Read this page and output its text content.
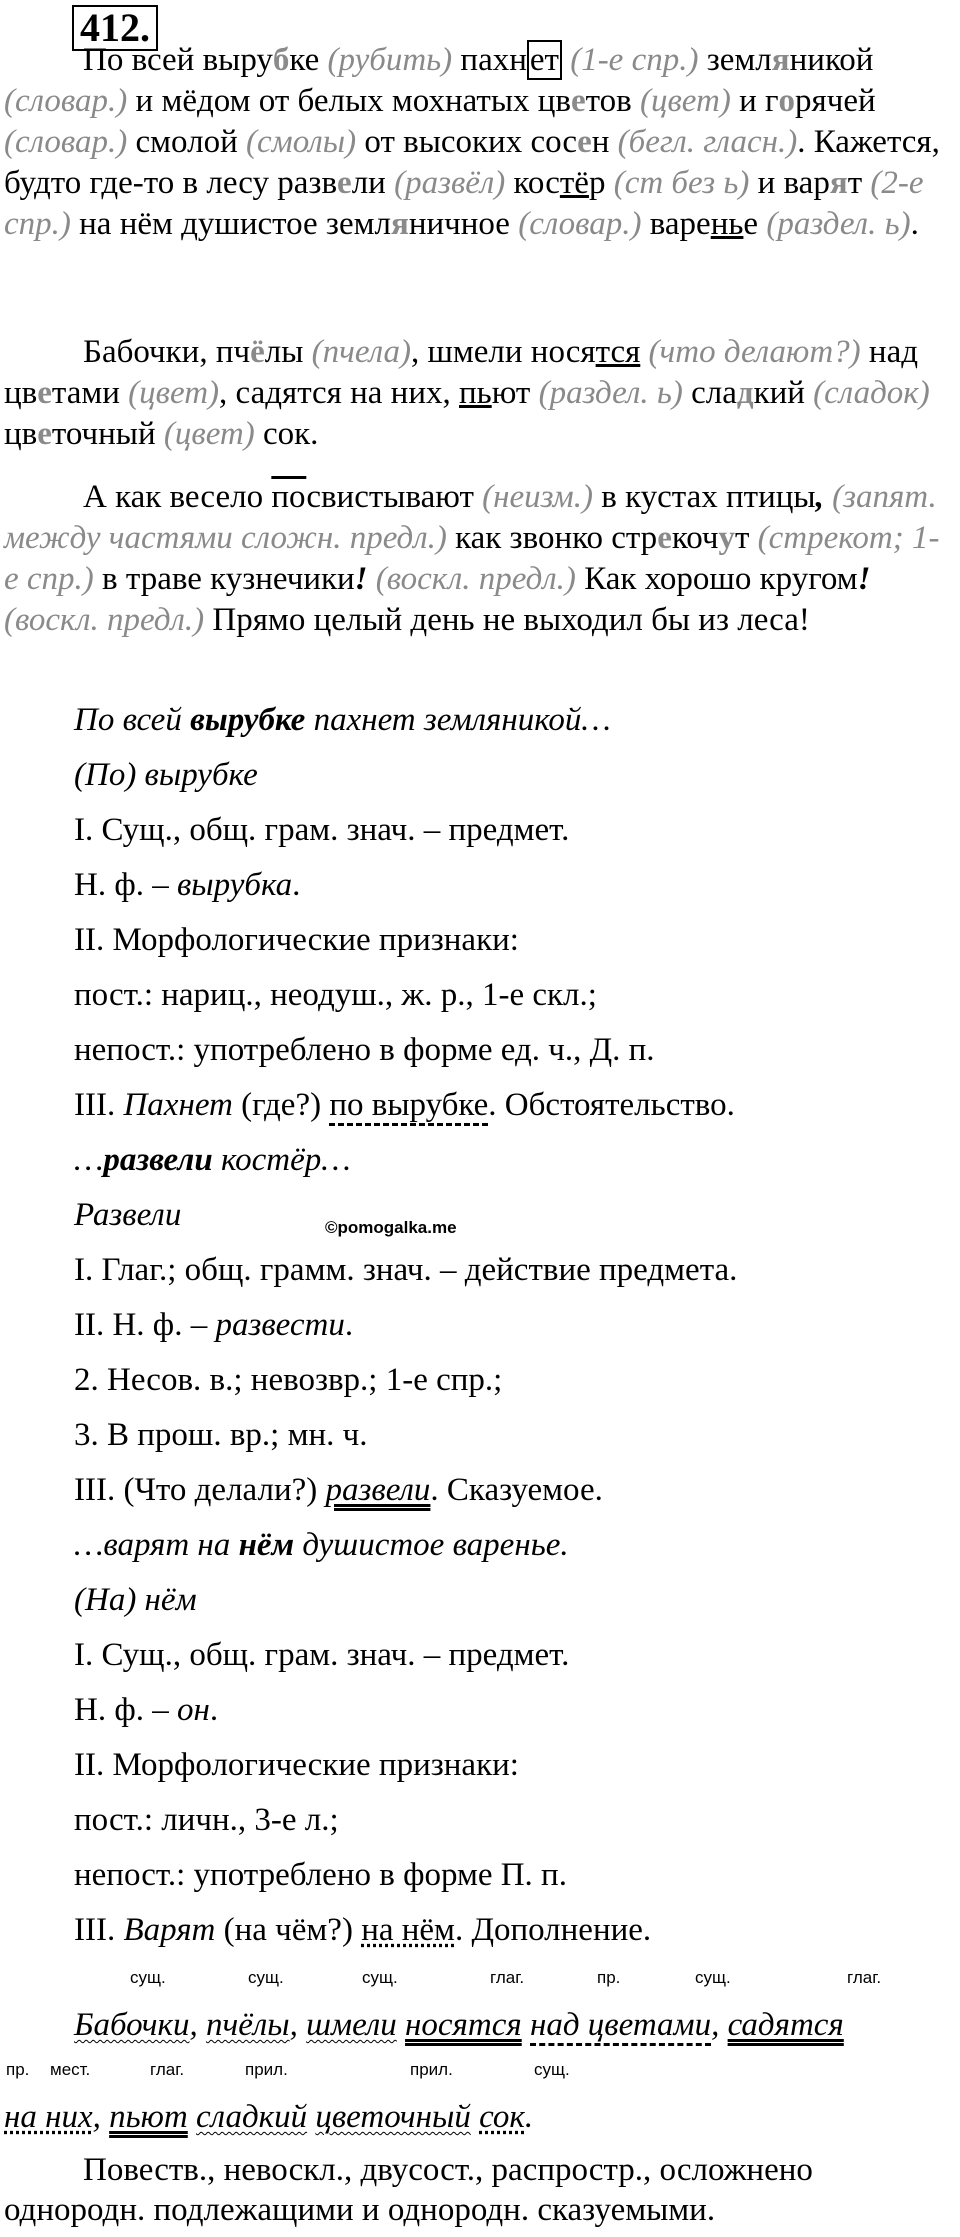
412.

По всей вырубке (рубить) пахнет (1-е спр.) земляникой (словар.) и мёдом от белых мохнатых цветов (цвет) и горячей (словар.) смолой (смолы) от высоких сосен (бегл. гласн.). Кажется, будто где-то в лесу развели (развёл) костёр (ст без ь) и варят (2-е спр.) на нём душистое земляничное (словар.) варенье (раздел. ь).

Бабочки, пчёлы (пчела), шмели носятся (что делают?) над цветами (цвет), садятся на них, пьют (раздел. ь) сладкий (сладок) цветочный (цвет) сок.

А как весело посвистывают (неизм.) в кустах птицы, (запят. между частями сложн. предл.) как звонко стрекочут (стрекот; 1-е спр.) в траве кузнечики! (воскл. предл.) Как хорошо кругом! (воскл. предл.) Прямо целый день не выходил бы из леса!

По всей вырубке пахнет земляникой…
(По) вырубке
I. Сущ., общ. грам. знач. – предмет.
Н. ф. – вырубка.
II. Морфологические признаки:
пост.: нариц., неодуш., ж. р., 1-е скл.;
непост.: употреблено в форме ед. ч., Д. п.
III. Пахнет (где?) по вырубке. Обстоятельство.
…развели костёр…
Развели	©pomogalka.me
I. Глаг.; общ. грамм. знач. – действие предмета.
II. Н. ф. – развести.
2. Несов. в.; невозвр.; 1-е спр.;
3. В прош. вр.; мн. ч.
III. (Что делали?) развели. Сказуемое.
…варят на нём душистое варенье.
(На) нём
I. Сущ., общ. грам. знач. – предмет.
Н. ф. – он.
II. Морфологические признаки:
пост.: личн., 3-е л.;
непост.: употреблено в форме П. п.
III. Варят (на чём?) на нём. Дополнение.
сущ.	сущ.	сущ.	глаг.	пр.	сущ.	глаг.
Бабочки, пчёлы, шмели носятся над цветами, садятся
пр. мест.	глаг.	прил.	прил.	сущ.
на них, пьют сладкий цветочный сок.

Повеств., невоскл., двусост., распростр., осложнено однородн. подлежащими и однородн. сказуемыми.
